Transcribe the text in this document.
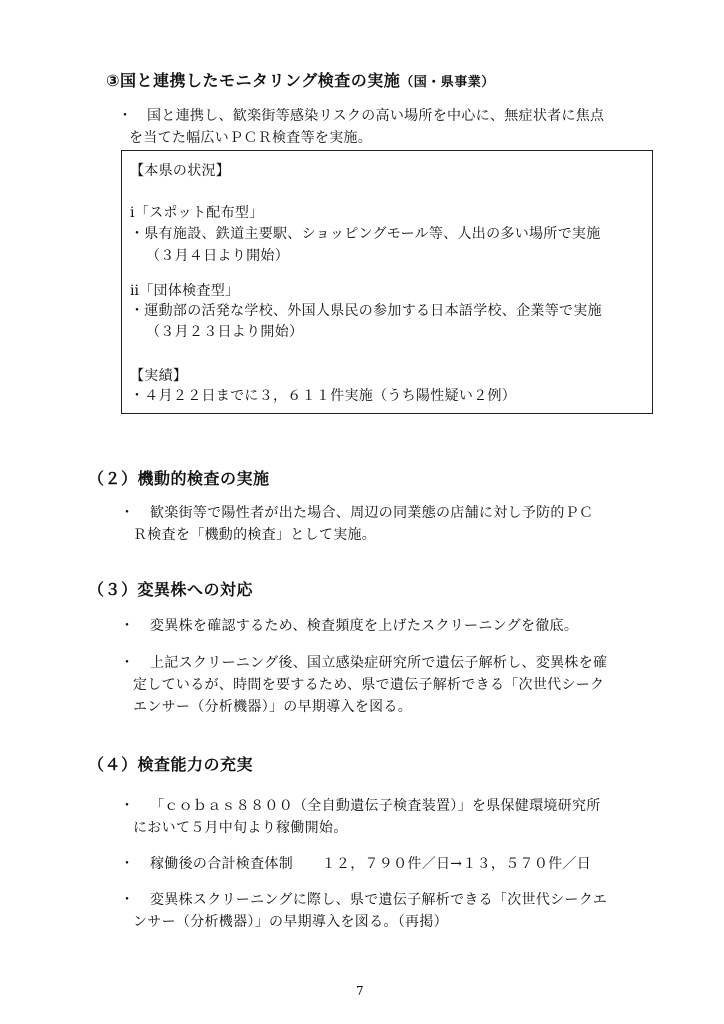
③国と連携したモニタリング検査の実施（国・県事業）
・ 国と連携し、歓楽街等感染リスクの高い場所を中心に、無症状者に焦点
を当てた幅広いＰＣＲ検査等を実施。
【本県の状況】
ⅰ「スポット配布型」
・県有施設、鉄道主要駅、ショッピングモール等、人出の多い場所で実施
（３月４日より開始）
ⅱ「団体検査型」
・運動部の活発な学校、外国人県民の参加する日本語学校、企業等で実施
（３月２３日より開始）
【実績】
・４月２２日までに３，６１１件実施（うち陽性疑い２例）
（２）機動的検査の実施
・ 歓楽街等で陽性者が出た場合、周辺の同業態の店舗に対し予防的ＰＣ
Ｒ検査を「機動的検査」として実施。
（３）変異株への対応
・ 変異株を確認するため、検査頻度を上げたスクリーニングを徹底。
・ 上記スクリーニング後、国立感染症研究所で遺伝子解析し、変異株を確
定しているが、時間を要するため、県で遺伝子解析できる「次世代シーク
エンサー（分析機器）」の早期導入を図る。
（４）検査能力の充実
・ 「ｃｏｂａｓ８８００（全自動遺伝子検査装置）」を県保健環境研究所
において５月中旬より稼働開始。
・ 稼働後の合計検査体制　　１２，７９０件／日→１３，５７０件／日
・ 変異株スクリーニングに際し、県で遺伝子解析できる「次世代シークエ
ンサー（分析機器）」の早期導入を図る。（再掲）
7
